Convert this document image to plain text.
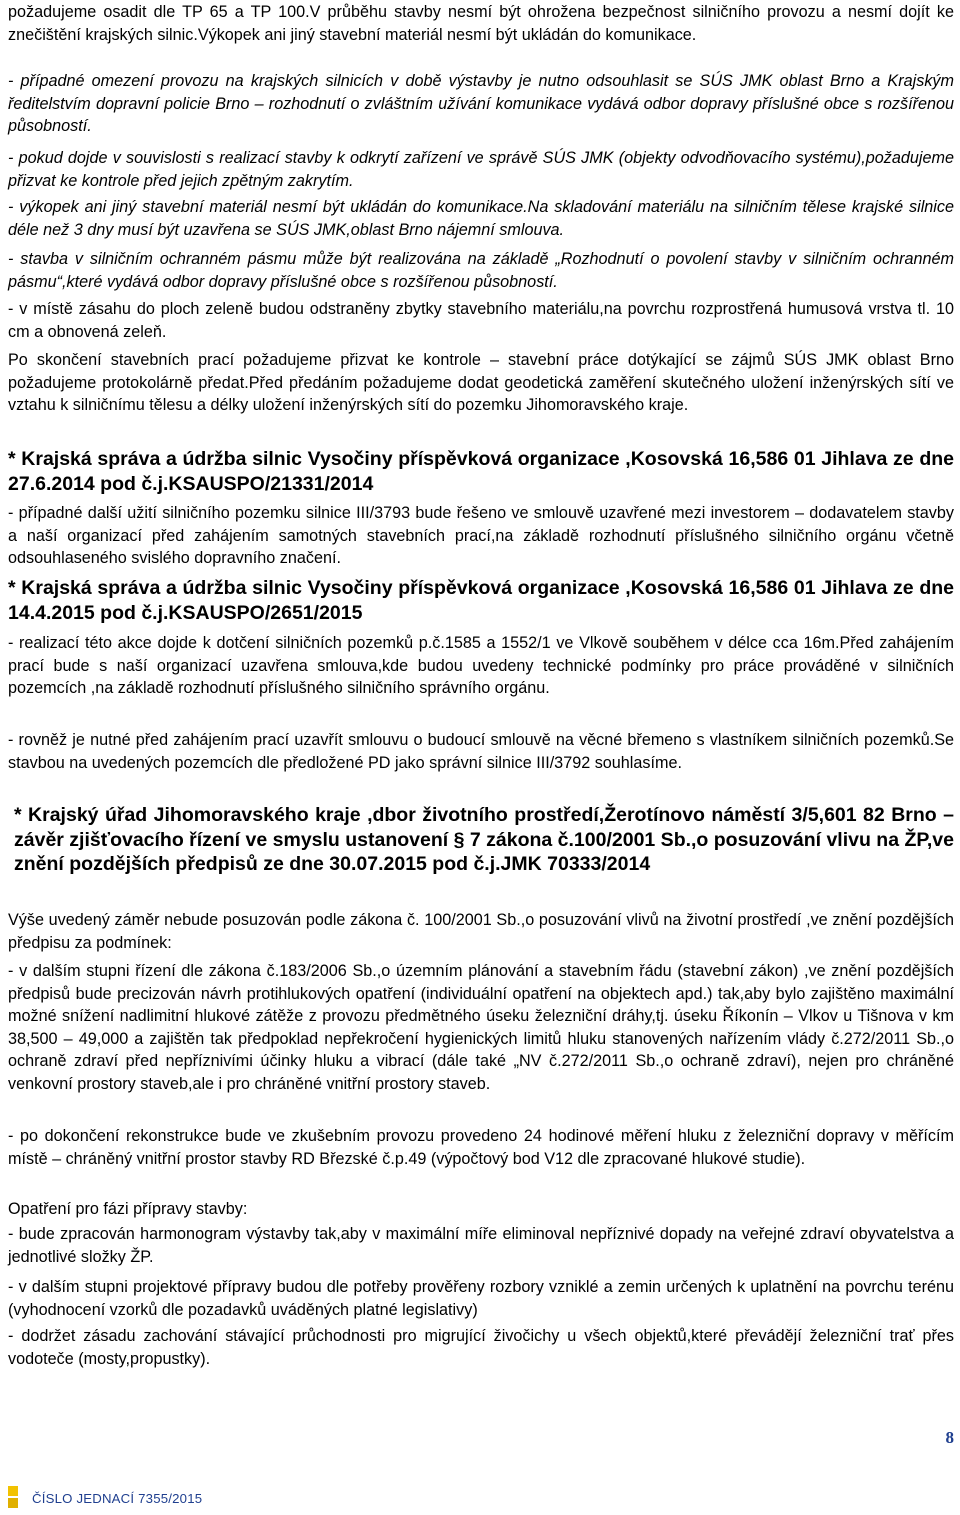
požadujeme osadit dle TP 65 a TP 100.V průběhu stavby nesmí být ohrožena bezpečnost silničního provozu a nesmí dojít ke znečištění krajských silnic.Výkopek ani jiný stavební materiál nesmí být ukládán do komunikace.

- případné omezení provozu na krajských silnicích v době výstavby je nutno odsouhlasit se SÚS JMK oblast Brno a Krajským ředitelstvím dopravní policie Brno – rozhodnutí o zvláštním užívání komunikace vydává odbor dopravy příslušné obce s rozšířenou působností.

- pokud dojde v souvislosti s realizací stavby k odkrytí zařízení ve správě SÚS JMK (objekty odvodňovacího systému),požadujeme přizvat ke kontrole před jejich zpětným zakrytím.

- výkopek ani jiný stavební materiál nesmí být ukládán do komunikace.Na skladování materiálu na silničním tělese krajské silnice déle než 3 dny musí být uzavřena se SÚS JMK,oblast Brno nájemní smlouva.

- stavba v silničním ochranném pásmu může být realizována na základě „Rozhodnutí o povolení stavby v silničním ochranném pásmu“,které vydává odbor dopravy příslušné obce s rozšířenou působností.

- v místě zásahu do ploch zeleně budou odstraněny zbytky stavebního materiálu,na povrchu rozprostřená humusová vrstva tl. 10 cm a obnovená zeleň.

Po skončení stavebních prací požadujeme přizvat ke kontrole – stavební práce dotýkající se zájmů SÚS JMK oblast Brno požadujeme protokolárně předat.Před předáním požadujeme dodat geodetická zaměření skutečného uložení inženýrských sítí ve vztahu k silničnímu tělesu a délky uložení inženýrských sítí do pozemku Jihomoravského kraje.

* Krajská správa a údržba silnic Vysočiny příspěvková organizace ,Kosovská 16,586 01 Jihlava ze dne 27.6.2014 pod č.j.KSAUSPO/21331/2014

- případné další užití silničního pozemku silnice III/3793 bude řešeno ve smlouvě uzavřené mezi investorem – dodavatelem stavby a naší organizací před zahájením samotných stavebních prací,na základě rozhodnutí příslušného silničního orgánu včetně odsouhlaseného svislého dopravního značení.

* Krajská správa a údržba silnic Vysočiny příspěvková organizace ,Kosovská 16,586 01 Jihlava ze dne 14.4.2015 pod č.j.KSAUSPO/2651/2015

- realizací této akce dojde k dotčení silničních pozemků p.č.1585 a 1552/1 ve Vlkově souběhem v délce cca 16m.Před zahájením prací bude s naší organizací uzavřena smlouva,kde budou uvedeny technické podmínky pro práce prováděné v silničních pozemcích ,na základě rozhodnutí příslušného silničního správního orgánu.

- rovněž je nutné před zahájením prací uzavřít smlouvu o budoucí smlouvě na věcné břemeno s vlastníkem silničních pozemků.Se stavbou na uvedených pozemcích dle předložené PD jako správní silnice III/3792 souhlasíme.

* Krajský úřad Jihomoravského kraje ,dbor životního prostředí,Žerotínovo náměstí 3/5,601 82 Brno – závěr zjišťovacího řízení ve smyslu ustanovení § 7 zákona č.100/2001 Sb.,o posuzování vlivu na ŽP,ve znění pozdějších předpisů ze dne 30.07.2015 pod č.j.JMK 70333/2014

Výše uvedený záměr nebude posuzován podle zákona č. 100/2001 Sb.,o posuzování vlivů na životní prostředí ,ve znění pozdějších předpisu za podmínek:

- v dalším stupni řízení dle zákona č.183/2006 Sb.,o územním plánování a stavebním řádu (stavební zákon) ,ve znění pozdějších předpisů bude precizován návrh protihlukových opatření (individuální opatření na objektech apd.) tak,aby bylo zajištěno maximální možné snížení nadlimitní hlukové zátěže z provozu předmětného úseku železniční dráhy,tj. úseku Říkonín – Vlkov u Tišnova v km 38,500 – 49,000 a zajištěn tak předpoklad nepřekročení hygienických limitů hluku stanovených nařízením vlády č.272/2011 Sb.,o ochraně zdraví před nepříznivími účinky hluku a vibrací (dále také „NV č.272/2011 Sb.,o ochraně zdraví), nejen pro chráněné venkovní prostory staveb,ale i pro chráněné vnitřní prostory staveb.

- po dokončení rekonstrukce bude ve zkušebním provozu provedeno 24 hodinové měření hluku z železniční dopravy v měřícím místě – chráněný vnitřní prostor stavby RD Březské č.p.49 (výpočtový bod V12 dle zpracované hlukové studie).

Opatření pro fázi přípravy stavby:

- bude zpracován harmonogram výstavby tak,aby v maximální míře eliminoval nepříznivé dopady na veřejné zdraví obyvatelstva a jednotlivé složky ŽP.

- v dalším stupni projektové přípravy budou dle potřeby prověřeny rozbory vzniklé a zemin určených k uplatnění na povrchu terénu (vyhodnocení vzorků dle pozadavků uváděných platné legislativy)

- dodržet zásadu zachování stávající průchodnosti pro migrující živočichy u všech objektů,které převádějí železniční trať přes vodoteče (mosty,propustky).

8
ČÍSLO JEDNACÍ 7355/2015
